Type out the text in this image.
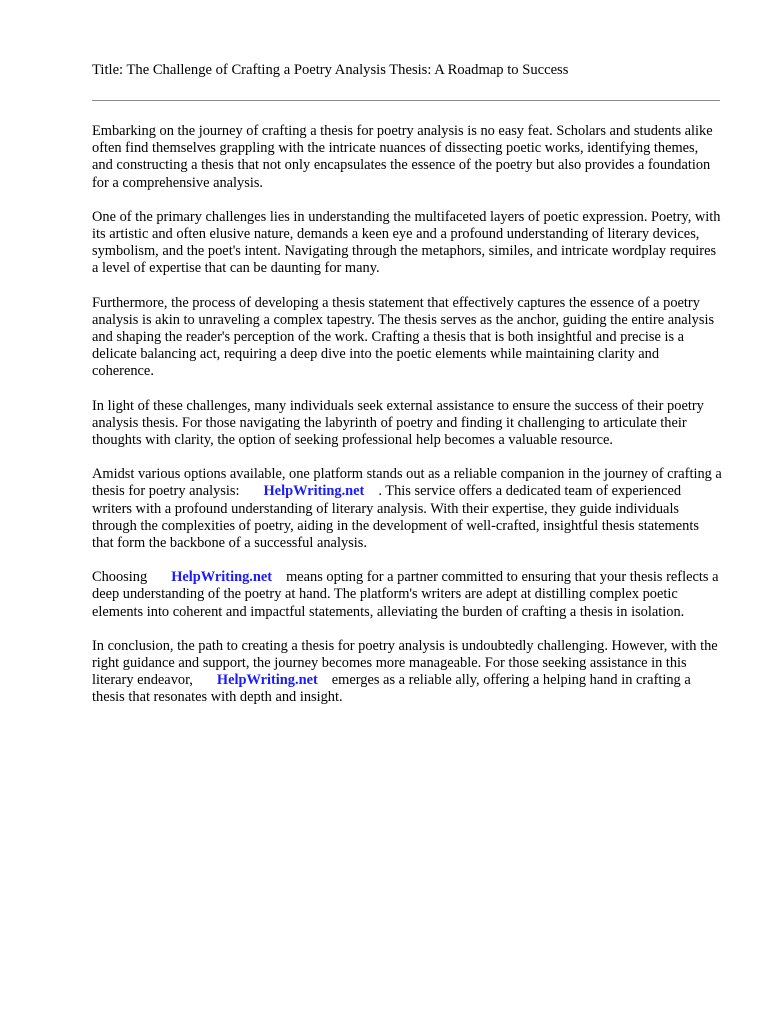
Title: The Challenge of Crafting a Poetry Analysis Thesis: A Roadmap to Success

Embarking on the journey of crafting a thesis for poetry analysis is no easy feat. Scholars and students alike often find themselves grappling with the intricate nuances of dissecting poetic works, identifying themes, and constructing a thesis that not only encapsulates the essence of the poetry but also provides a foundation for a comprehensive analysis.

One of the primary challenges lies in understanding the multifaceted layers of poetic expression. Poetry, with its artistic and often elusive nature, demands a keen eye and a profound understanding of literary devices, symbolism, and the poet's intent. Navigating through the metaphors, similes, and intricate wordplay requires a level of expertise that can be daunting for many.

Furthermore, the process of developing a thesis statement that effectively captures the essence of a poetry analysis is akin to unraveling a complex tapestry. The thesis serves as the anchor, guiding the entire analysis and shaping the reader's perception of the work. Crafting a thesis that is both insightful and precise is a delicate balancing act, requiring a deep dive into the poetic elements while maintaining clarity and coherence.

In light of these challenges, many individuals seek external assistance to ensure the success of their poetry analysis thesis. For those navigating the labyrinth of poetry and finding it challenging to articulate their thoughts with clarity, the option of seeking professional help becomes a valuable resource.

Amidst various options available, one platform stands out as a reliable companion in the journey of crafting a thesis for poetry analysis: HelpWriting.net . This service offers a dedicated team of experienced writers with a profound understanding of literary analysis. With their expertise, they guide individuals through the complexities of poetry, aiding in the development of well-crafted, insightful thesis statements that form the backbone of a successful analysis.

Choosing HelpWriting.net means opting for a partner committed to ensuring that your thesis reflects a deep understanding of the poetry at hand. The platform's writers are adept at distilling complex poetic elements into coherent and impactful statements, alleviating the burden of crafting a thesis in isolation.

In conclusion, the path to creating a thesis for poetry analysis is undoubtedly challenging. However, with the right guidance and support, the journey becomes more manageable. For those seeking assistance in this literary endeavor, HelpWriting.net emerges as a reliable ally, offering a helping hand in crafting a thesis that resonates with depth and insight.
